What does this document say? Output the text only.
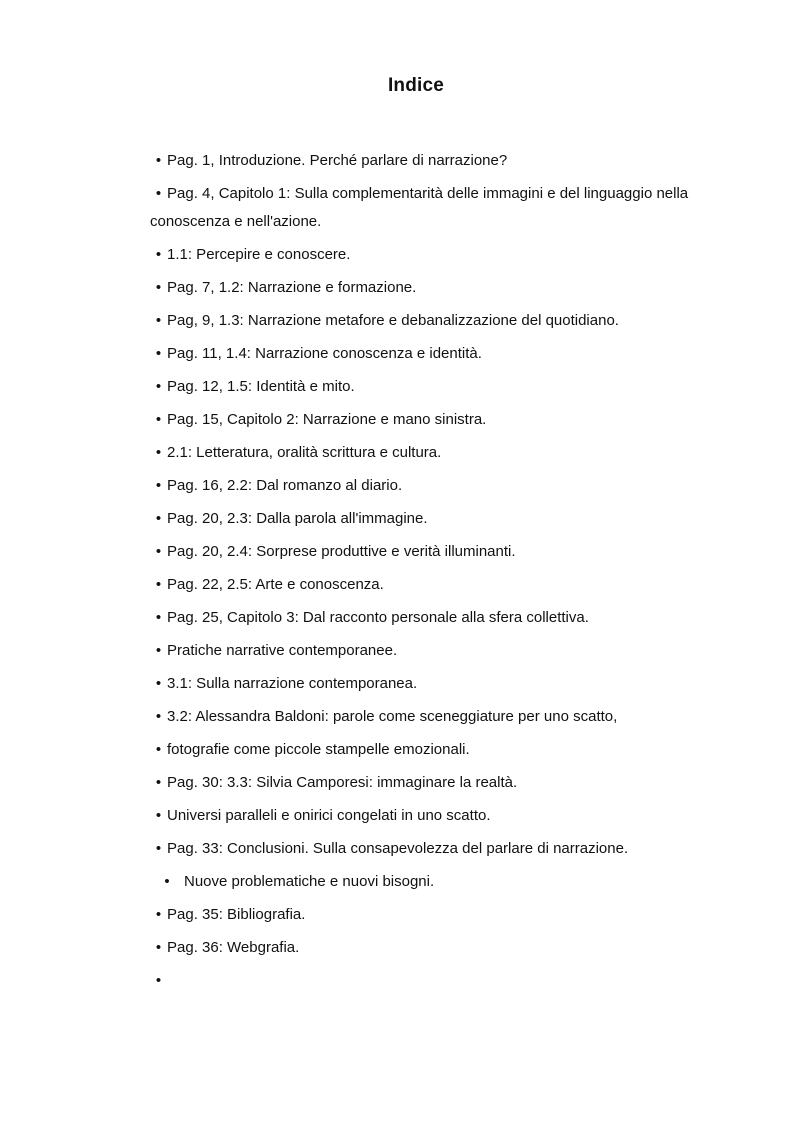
Indice
• Pag. 1, Introduzione. Perché parlare di narrazione?
• Pag. 4, Capitolo 1: Sulla complementarità delle immagini e del linguaggio nella conoscenza e nell'azione.
• 1.1: Percepire e conoscere.
• Pag. 7, 1.2: Narrazione e formazione.
• Pag, 9, 1.3: Narrazione metafore e debanalizzazione del quotidiano.
• Pag. 11, 1.4: Narrazione conoscenza e identità.
• Pag. 12, 1.5: Identità e mito.
• Pag. 15, Capitolo 2: Narrazione e mano sinistra.
• 2.1: Letteratura, oralità scrittura e cultura.
• Pag. 16, 2.2: Dal romanzo al diario.
• Pag. 20, 2.3: Dalla parola all'immagine.
• Pag. 20, 2.4: Sorprese produttive e verità illuminanti.
• Pag. 22, 2.5: Arte e conoscenza.
• Pag. 25, Capitolo 3: Dal racconto personale alla sfera collettiva.
• Pratiche narrative contemporanee.
• 3.1: Sulla narrazione contemporanea.
• 3.2: Alessandra Baldoni: parole come sceneggiature per uno scatto,
• fotografie come piccole stampelle emozionali.
• Pag. 30: 3.3: Silvia Camporesi: immaginare la realtà.
• Universi paralleli e onirici congelati in uno scatto.
• Pag. 33: Conclusioni. Sulla consapevolezza del parlare di narrazione.
• Nuove problematiche e nuovi bisogni.
• Pag. 35: Bibliografia.
• Pag. 36: Webgrafia.
•
